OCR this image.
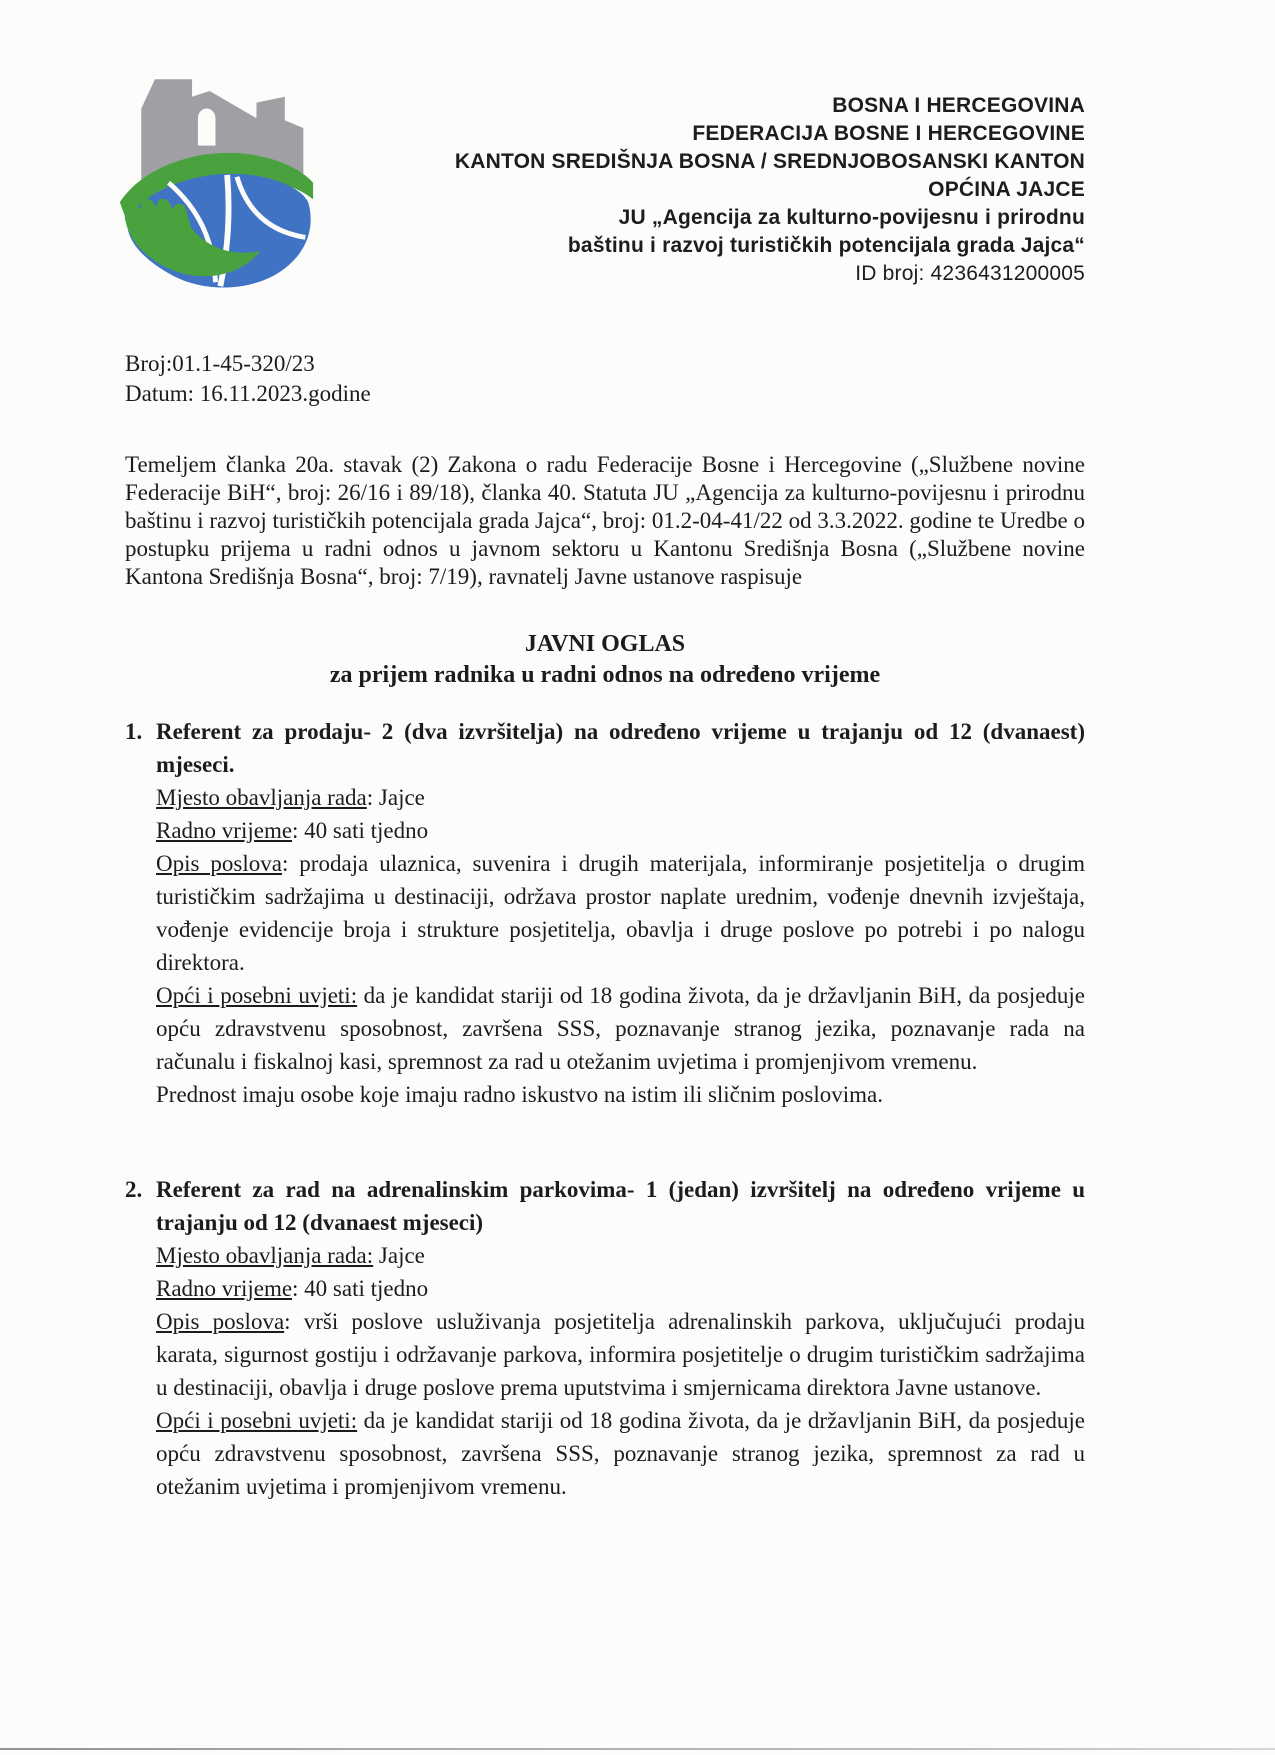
BOSNA I HERCEGOVINA
FEDERACIJA BOSNE I HERCEGOVINE
KANTON SREDIŠNJA BOSNA / SREDNJOBOSANSKI KANTON
OPĆINA JAJCE
JU „Agencija za kulturno-povijesnu i prirodnu
baštinu i razvoj turističkih potencijala grada Jajca“
ID broj: 4236431200005
Broj:01.1-45-320/23
Datum: 16.11.2023.godine

Temeljem članka 20a. stavak (2) Zakona o radu Federacije Bosne i Hercegovine („Službene novine Federacije BiH“, broj: 26/16 i 89/18), članka 40. Statuta JU „Agencija za kulturno-povijesnu i prirodnu baštinu i razvoj turističkih potencijala grada Jajca“, broj: 01.2-04-41/22 od 3.3.2022. godine te Uredbe o postupku prijema u radni odnos u javnom sektoru u Kantonu Središnja Bosna („Službene novine Kantona Središnja Bosna“, broj: 7/19), ravnatelj Javne ustanove raspisuje

JAVNI OGLAS
za prijem radnika u radni odnos na određeno vrijeme
1. Referent za prodaju- 2 (dva izvršitelja) na određeno vrijeme u trajanju od 12 (dvanaest) mjeseci.

Mjesto obavljanja rada: Jajce

Radno vrijeme: 40 sati tjedno

Opis poslova: prodaja ulaznica, suvenira i drugih materijala, informiranje posjetitelja o drugim turističkim sadržajima u destinaciji, održava prostor naplate urednim, vođenje dnevnih izvještaja, vođenje evidencije broja i strukture posjetitelja, obavlja i druge poslove po potrebi i po nalogu direktora.

Opći i posebni uvjeti: da je kandidat stariji od 18 godina života, da je državljanin BiH, da posjeduje opću zdravstvenu sposobnost, završena SSS, poznavanje stranog jezika, poznavanje rada na računalu i fiskalnoj kasi, spremnost za rad u otežanim uvjetima i promjenjivom vremenu.

Prednost imaju osobe koje imaju radno iskustvo na istim ili sličnim poslovima.

2. Referent za rad na adrenalinskim parkovima- 1 (jedan) izvršitelj na određeno vrijeme u trajanju od 12 (dvanaest mjeseci)

Mjesto obavljanja rada: Jajce

Radno vrijeme: 40 sati tjedno

Opis poslova: vrši poslove usluživanja posjetitelja adrenalinskih parkova, uključujući prodaju karata, sigurnost gostiju i održavanje parkova, informira posjetitelje o drugim turističkim sadržajima u destinaciji, obavlja i druge poslove prema uputstvima i smjernicama direktora Javne ustanove.

Opći i posebni uvjeti: da je kandidat stariji od 18 godina života, da je državljanin BiH, da posjeduje opću zdravstvenu sposobnost, završena SSS, poznavanje stranog jezika, spremnost za rad u otežanim uvjetima i promjenjivom vremenu.
